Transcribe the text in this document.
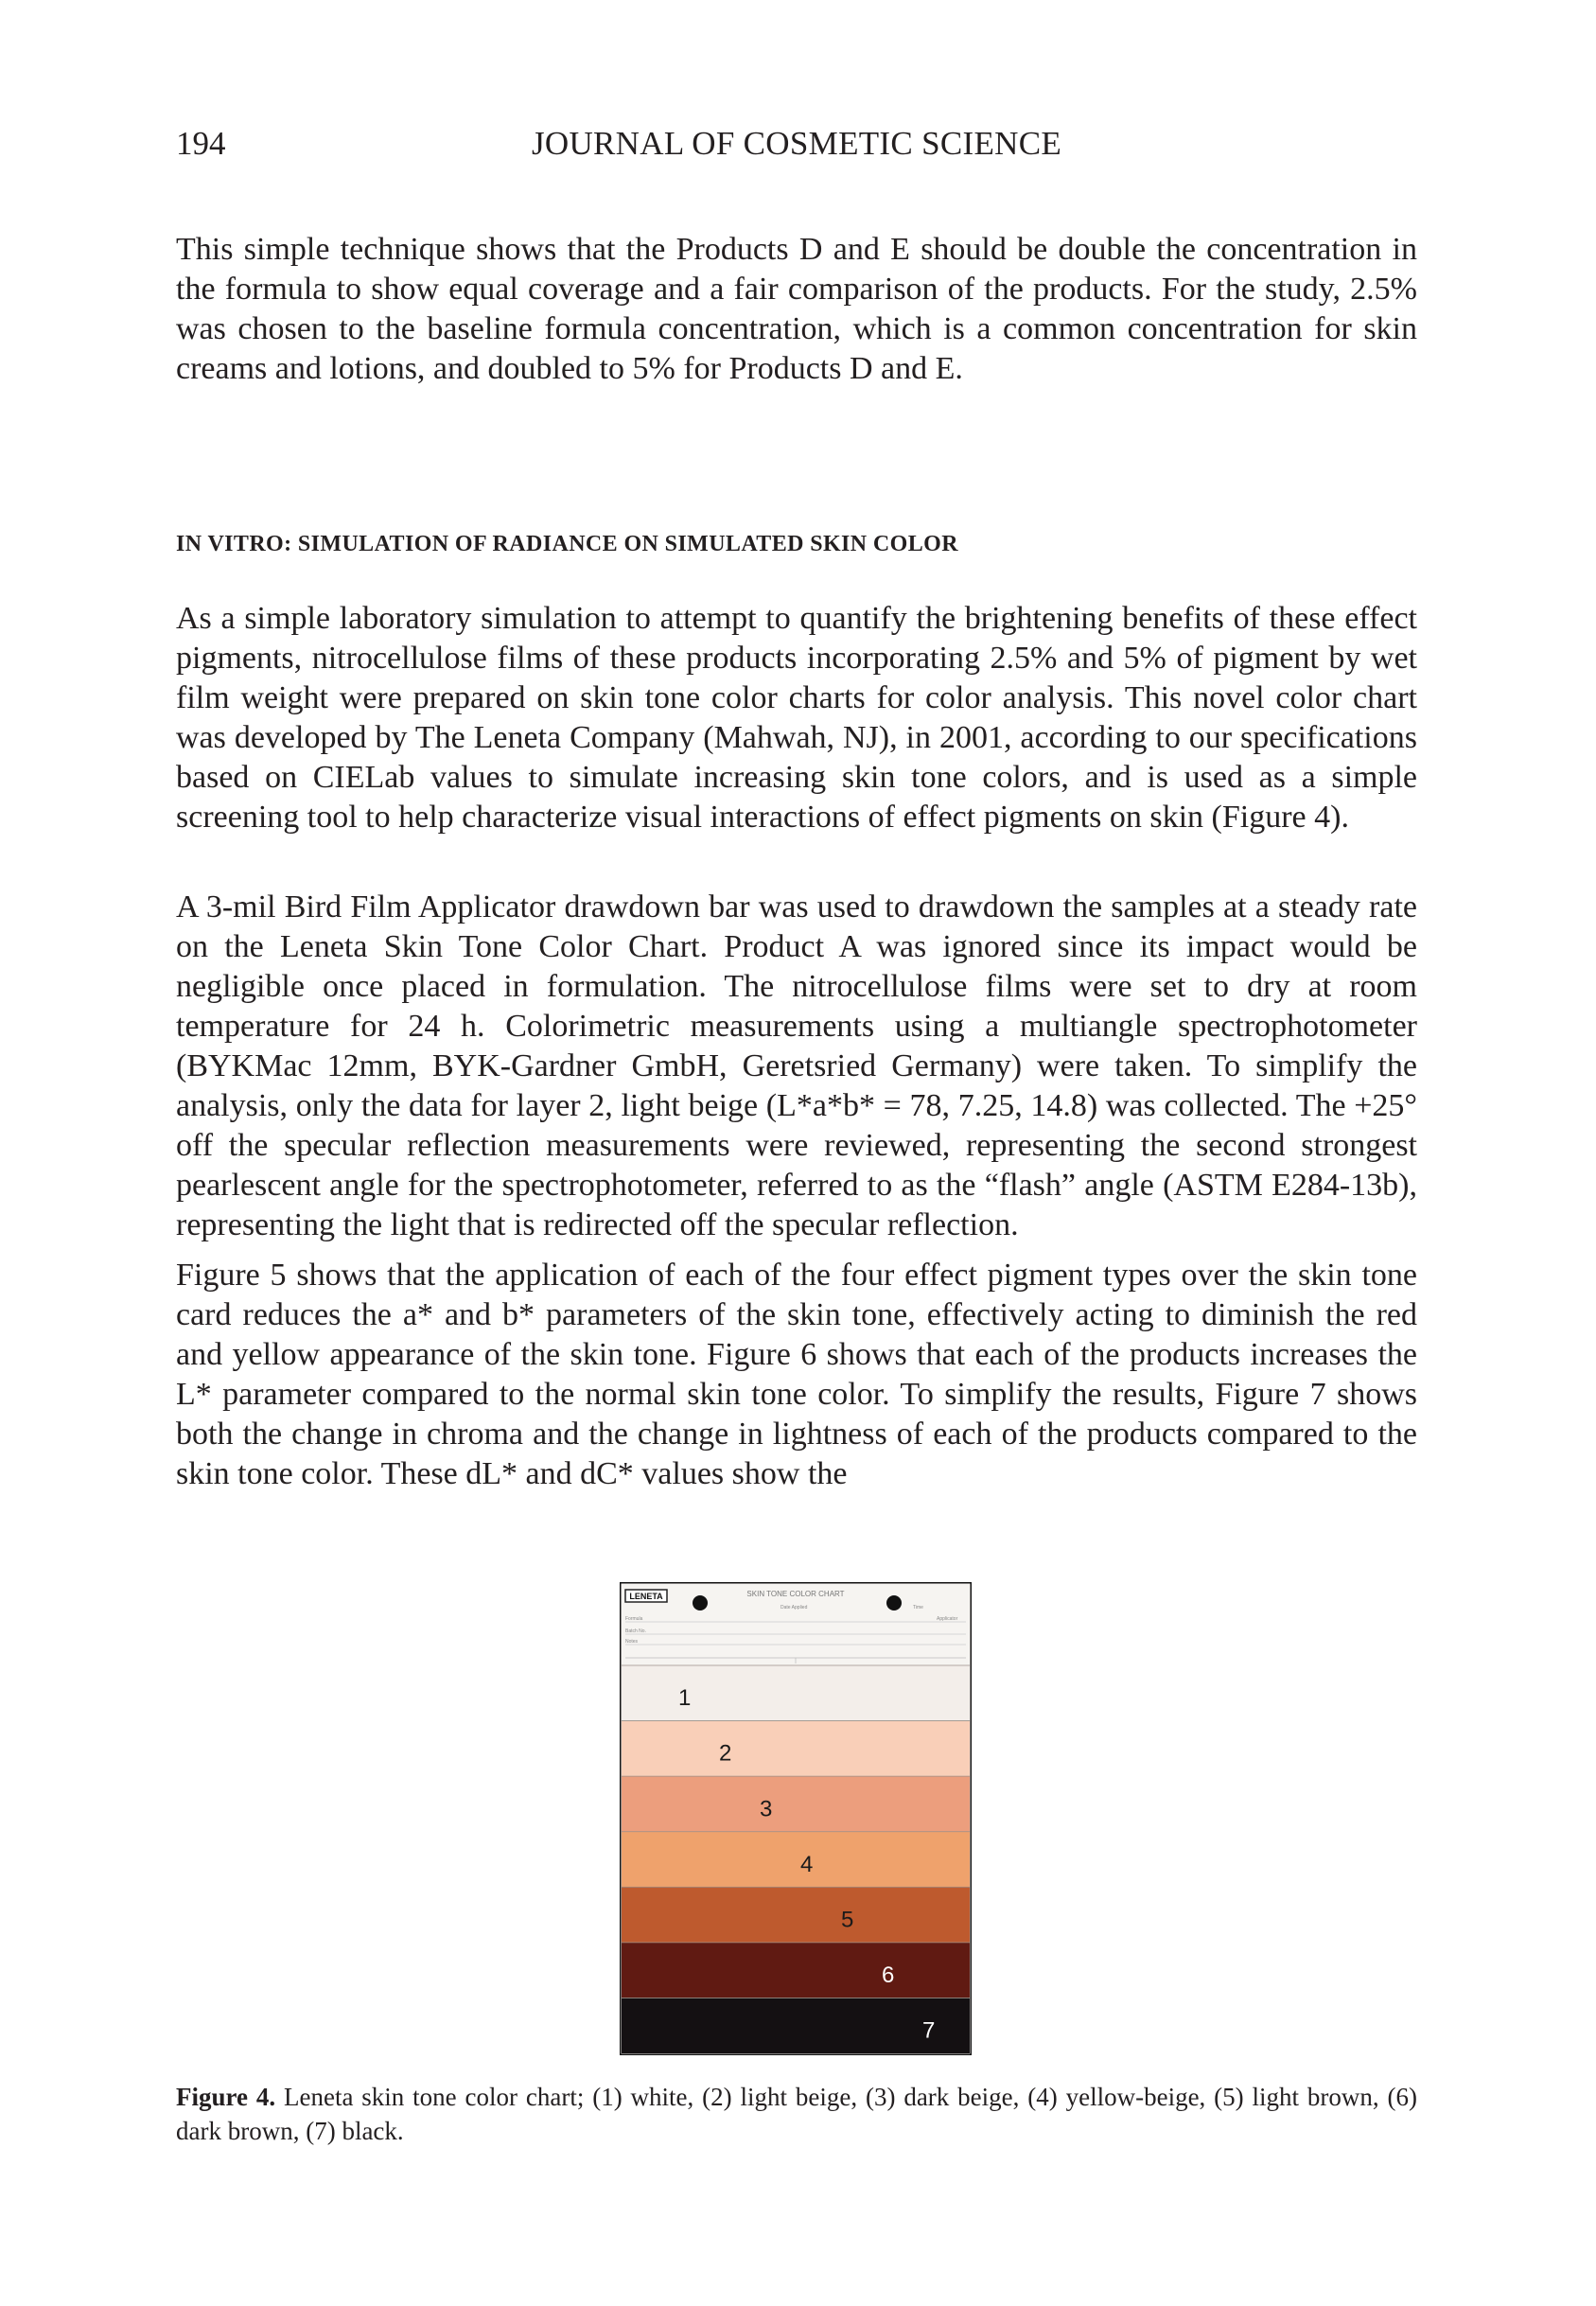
194	JOURNAL OF COSMETIC SCIENCE

This simple technique shows that the Products D and E should be double the concentration in the formula to show equal coverage and a fair comparison of the products. For the study, 2.5% was chosen to the baseline formula concentration, which is a common concentration for skin creams and lotions, and doubled to 5% for Products D and E.

IN VITRO: SIMULATION OF RADIANCE ON SIMULATED SKIN COLOR

As a simple laboratory simulation to attempt to quantify the brightening benefits of these effect pigments, nitrocellulose films of these products incorporating 2.5% and 5% of pigment by wet film weight were prepared on skin tone color charts for color analysis. This novel color chart was developed by The Leneta Company (Mahwah, NJ), in 2001, according to our specifications based on CIELab values to simulate increasing skin tone colors, and is used as a simple screening tool to help characterize visual interactions of effect pigments on skin (Figure 4).

A 3-mil Bird Film Applicator drawdown bar was used to drawdown the samples at a steady rate on the Leneta Skin Tone Color Chart. Product A was ignored since its impact would be negligible once placed in formulation. The nitrocellulose films were set to dry at room temperature for 24 h. Colorimetric measurements using a multiangle spectrophotometer (BYKMac 12mm, BYK-Gardner GmbH, Geretsried Germany) were taken. To simplify the analysis, only the data for layer 2, light beige (L*a*b* = 78, 7.25, 14.8) was collected. The +25° off the specular reflection measurements were reviewed, representing the second strongest pearlescent angle for the spectrophotometer, referred to as the “flash” angle (ASTM E284-13b), representing the light that is redirected off the specular reflection.

Figure 5 shows that the application of each of the four effect pigment types over the skin tone card reduces the a* and b* parameters of the skin tone, effectively acting to diminish the red and yellow appearance of the skin tone. Figure 6 shows that each of the products increases the L* parameter compared to the normal skin tone color. To simplify the results, Figure 7 shows both the change in chroma and the change in lightness of each of the products compared to the skin tone color. These dL* and dC* values show the

LENETA	SKIN TONE COLOR CHART
Date Applied	Time
Formula	Applicator
Batch No.
Notes
1
2
3
4
5
6
7

Figure 4. Leneta skin tone color chart; (1) white, (2) light beige, (3) dark beige, (4) yellow-beige, (5) light brown, (6) dark brown, (7) black.
